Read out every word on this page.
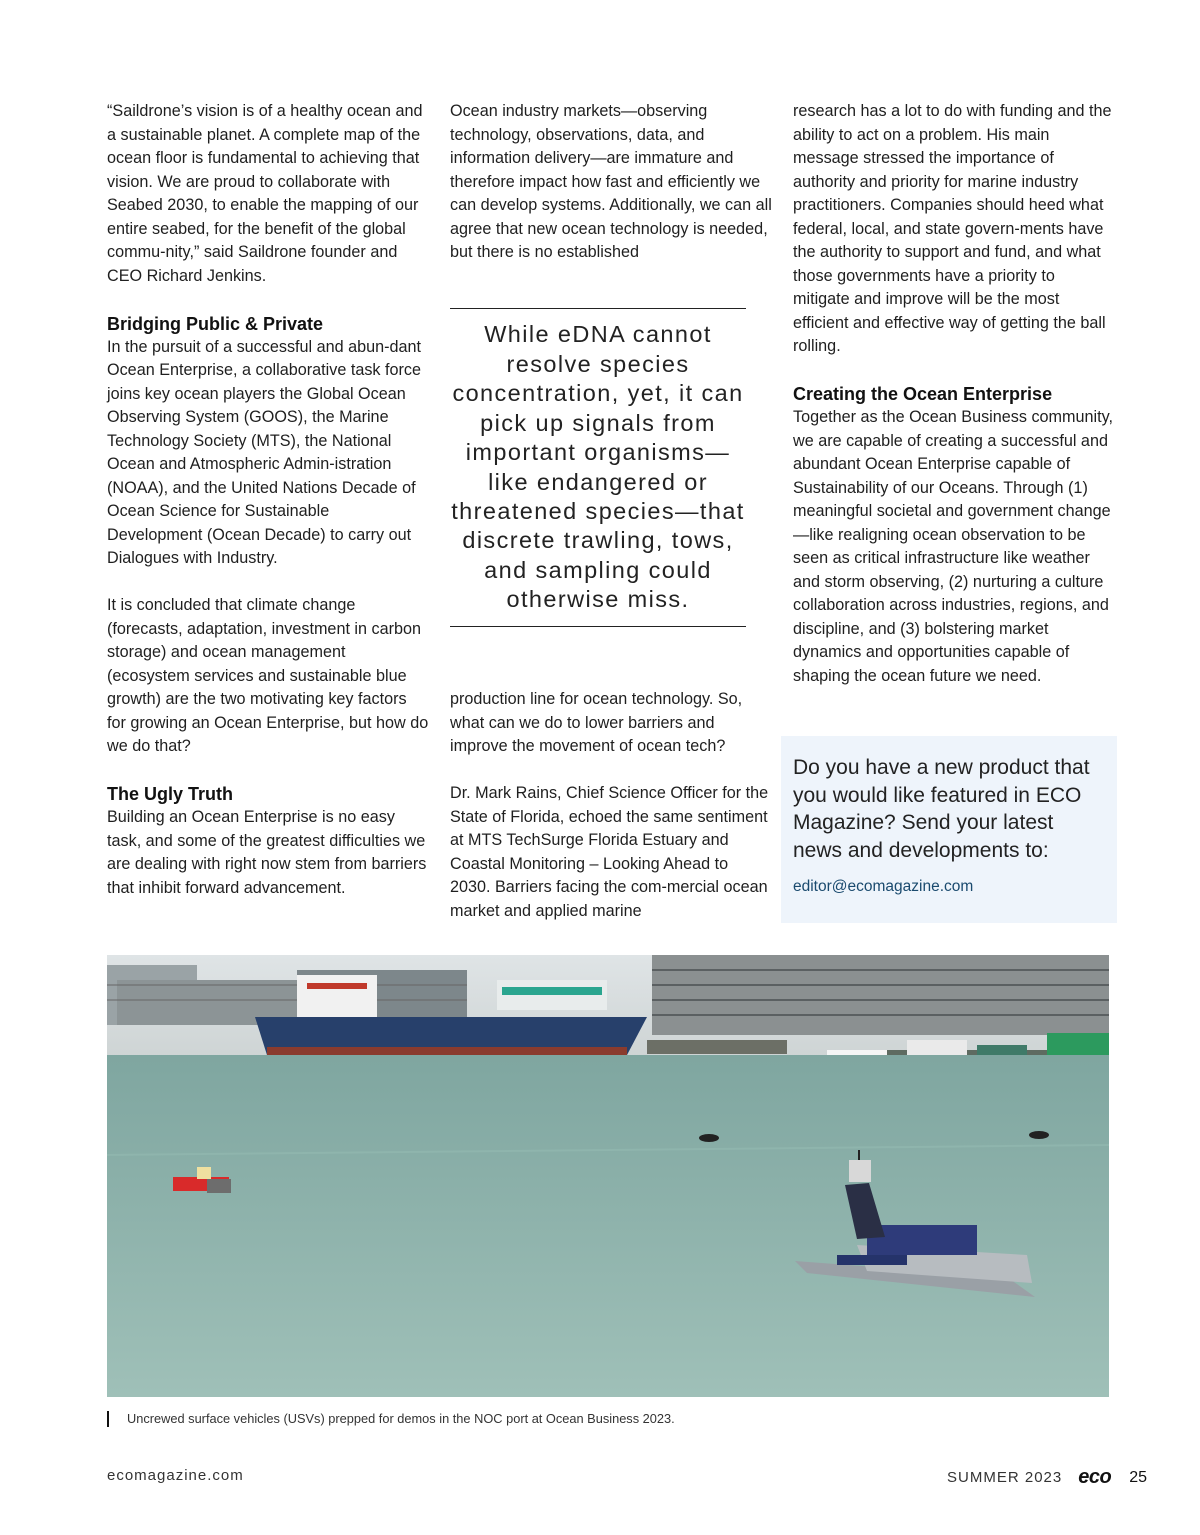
“Saildrone’s vision is of a healthy ocean and a sustainable planet. A complete map of the ocean floor is fundamental to achieving that vision. We are proud to collaborate with Seabed 2030, to enable the mapping of our entire seabed, for the benefit of the global commu-nity,” said Saildrone founder and CEO Richard Jenkins.

Bridging Public & Private

In the pursuit of a successful and abun-dant Ocean Enterprise, a collaborative task force joins key ocean players the Global Ocean Observing System (GOOS), the Marine Technology Society (MTS), the National Ocean and Atmospheric Admin-istration (NOAA), and the United Nations Decade of Ocean Science for Sustainable Development (Ocean Decade) to carry out Dialogues with Industry.

It is concluded that climate change (forecasts, adaptation, investment in carbon storage) and ocean management (ecosystem services and sustainable blue growth) are the two motivating key factors for growing an Ocean Enterprise, but how do we do that?

The Ugly Truth

Building an Ocean Enterprise is no easy task, and some of the greatest difficulties we are dealing with right now stem from barriers that inhibit forward advancement.

Ocean industry markets—observing technology, observations, data, and information delivery—are immature and therefore impact how fast and efficiently we can develop systems. Additionally, we can all agree that new ocean technology is needed, but there is no established

While eDNA cannot resolve species concentration, yet, it can pick up signals from important organisms—like endangered or threatened species—that discrete trawling, tows, and sampling could otherwise miss.

production line for ocean technology. So, what can we do to lower barriers and improve the movement of ocean tech?

Dr. Mark Rains, Chief Science Officer for the State of Florida, echoed the same sentiment at MTS TechSurge Florida Estuary and Coastal Monitoring – Looking Ahead to 2030. Barriers facing the com-mercial ocean market and applied marine

research has a lot to do with funding and the ability to act on a problem. His main message stressed the importance of authority and priority for marine industry practitioners. Companies should heed what federal, local, and state govern-ments have the authority to support and fund, and what those governments have a priority to mitigate and improve will be the most efficient and effective way of getting the ball rolling.

Creating the Ocean Enterprise

Together as the Ocean Business community, we are capable of creating a successful and abundant Ocean Enterprise capable of Sustainability of our Oceans. Through (1) meaningful societal and government change—like realigning ocean observation to be seen as critical infrastructure like weather and storm observing, (2) nurturing a culture collaboration across industries, regions, and discipline, and (3) bolstering market dynamics and opportunities capable of shaping the ocean future we need.

Do you have a new product that you would like featured in ECO Magazine? Send your latest news and developments to:
editor@ecomagazine.com
Uncrewed surface vehicles (USVs) prepped for demos in the NOC port at Ocean Business 2023.
ecomagazine.com	SUMMER 2023 eco 25
